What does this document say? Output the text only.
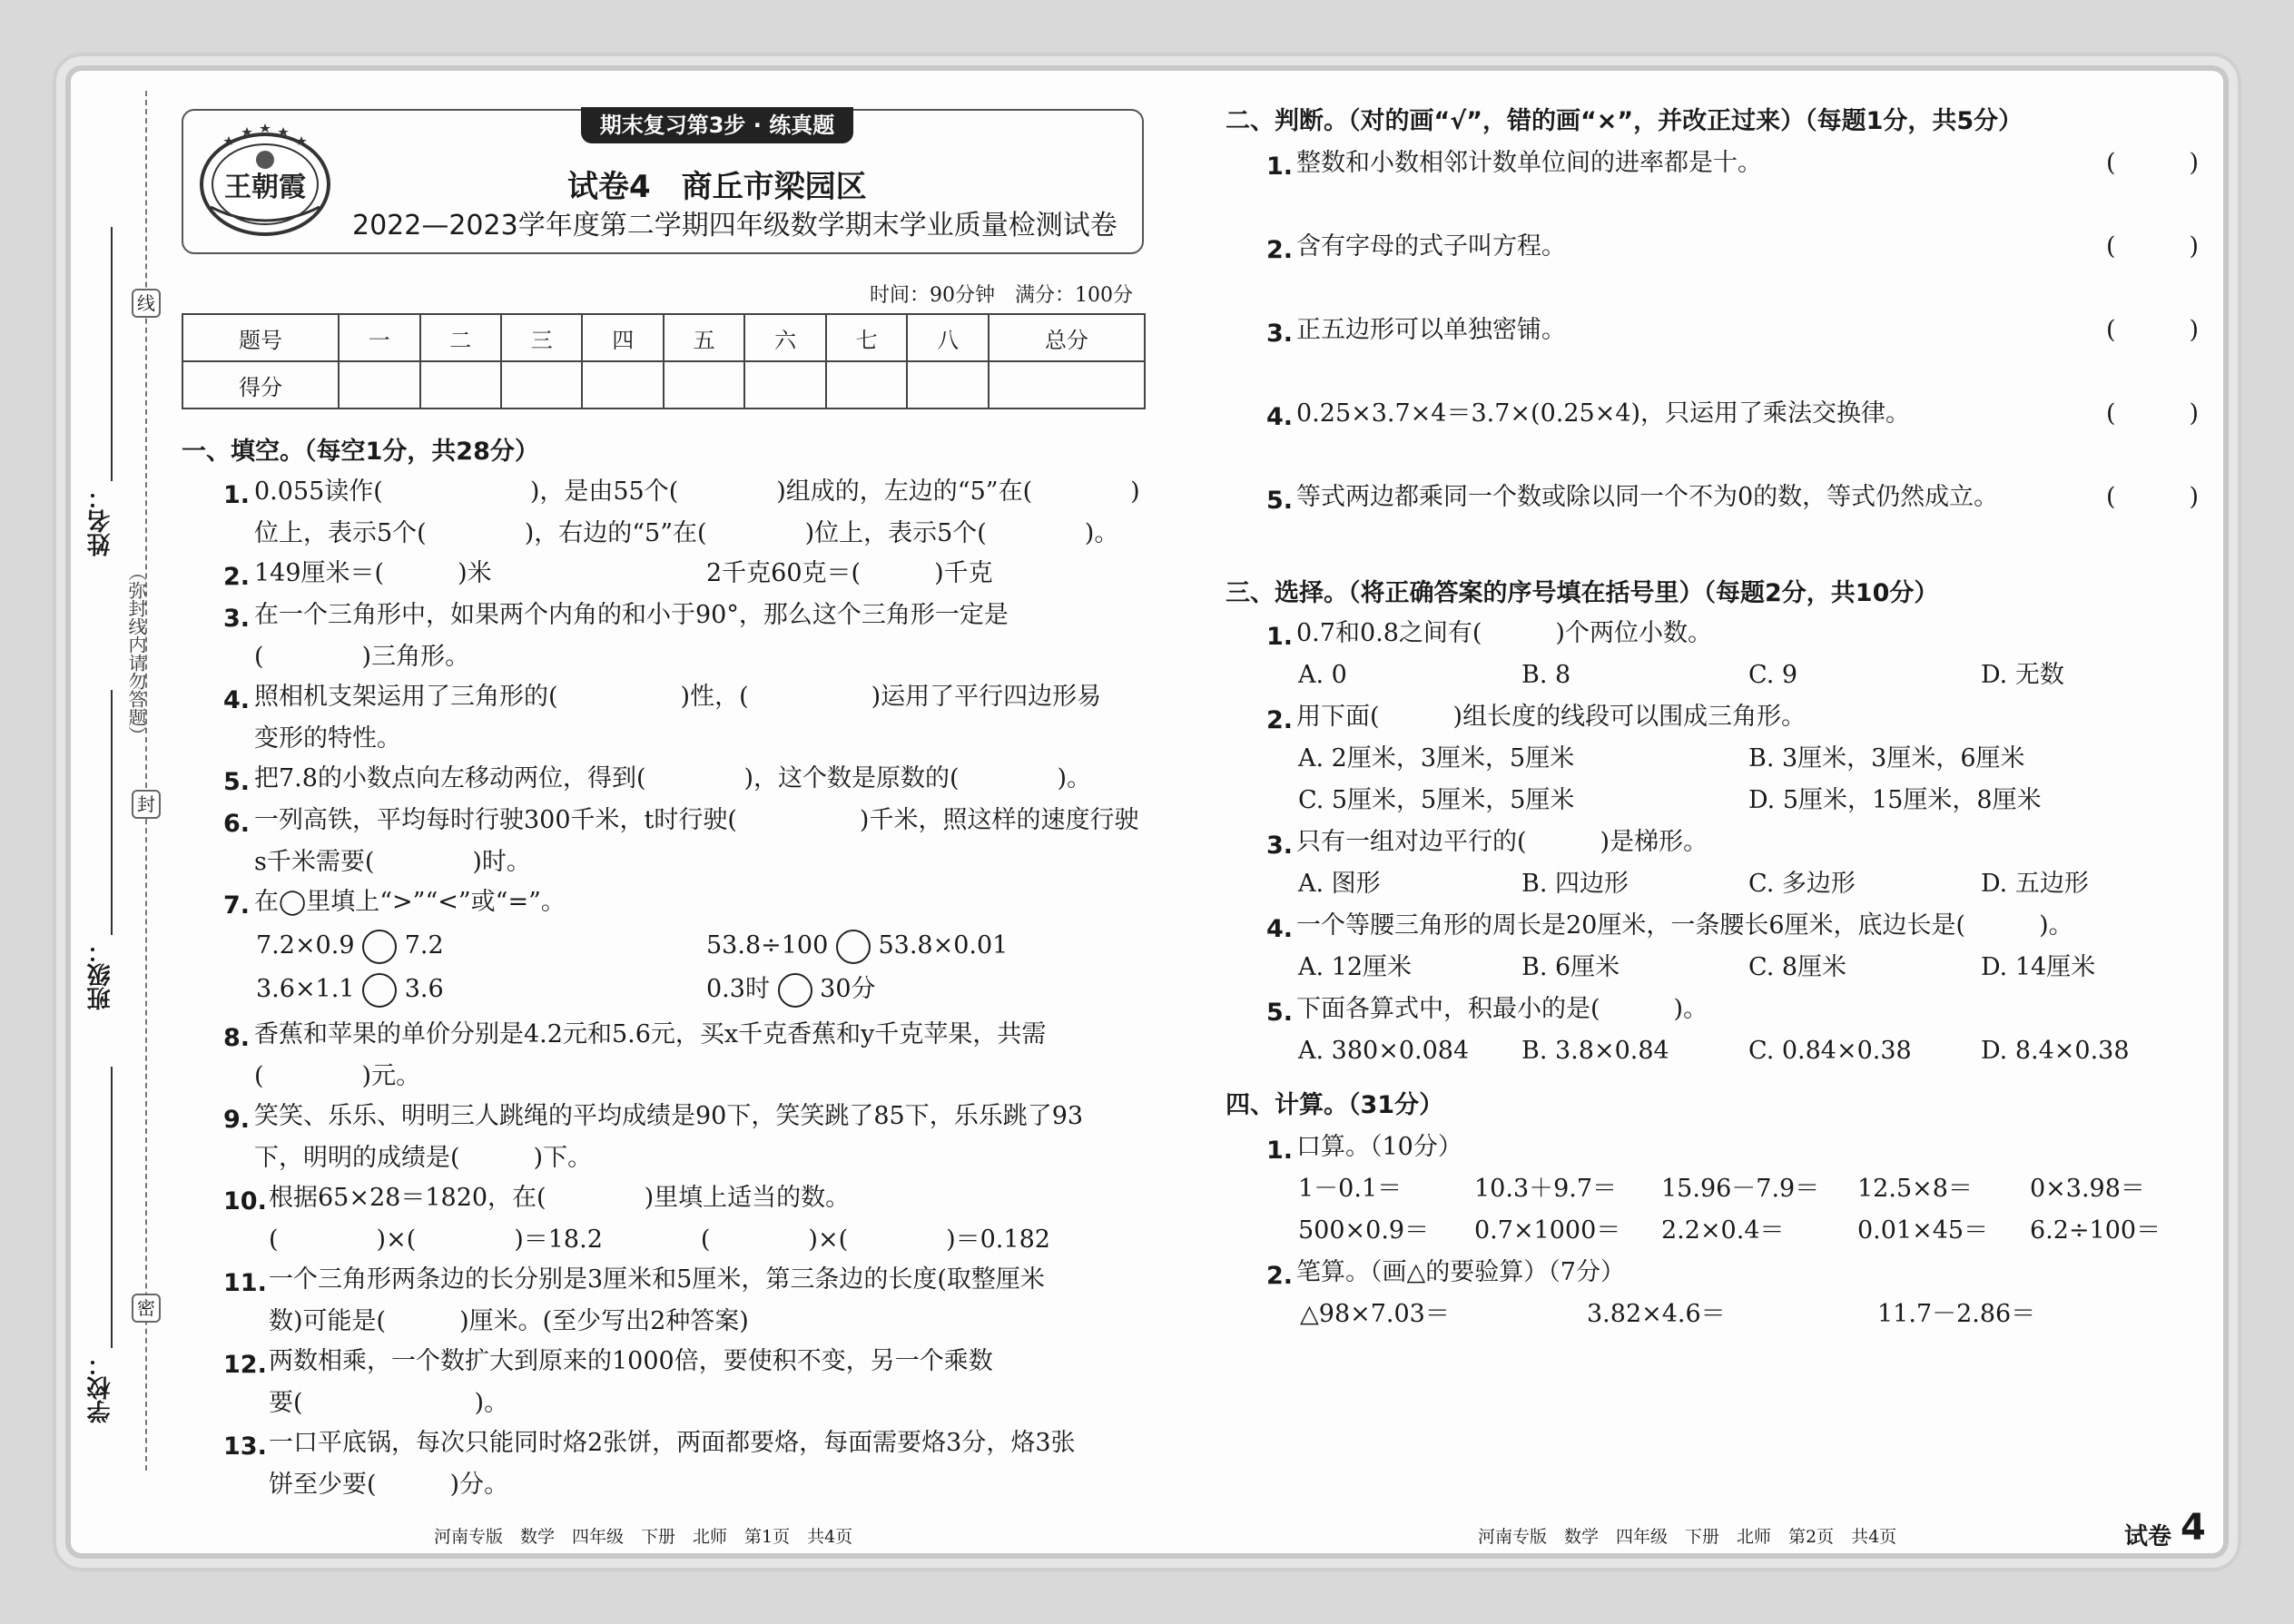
线
封
密
（弥封线内请勿答题）
姓名：
班级：
学校：
王朝霞
期末复习第3步 · 练真题
试卷4　商丘市梁园区
2022—2023学年度第二学期四年级数学期末学业质量检测试卷
时间：90分钟　满分：100分
题号	一	二	三	四	五	六	七	八	总分
得分									
一、填空。（每空1分，共28分）
1. 0.055读作(　　　　　　)，是由55个(　　　　)组成的，左边的“5”在(　　　　)
位上，表示5个(　　　　)，右边的“5”在(　　　　)位上，表示5个(　　　　)。
2. 149厘米＝(　　　)米	2千克60克＝(　　　)千克
3. 在一个三角形中，如果两个内角的和小于90°，那么这个三角形一定是
(　　　　)三角形。
4. 照相机支架运用了三角形的(　　　　　)性，(　　　　　)运用了平行四边形易
变形的特性。
5. 把7.8的小数点向左移动两位，得到(　　　　)，这个数是原数的(　　　　)。
6. 一列高铁，平均每时行驶300千米，t时行驶(　　　　　)千米，照这样的速度行驶
s千米需要(　　　　)时。
7. 在◯里填上“>”“<”或“=”。
7.2×0.9 7.2	53.8÷100 53.8×0.01
3.6×1.1 3.6	0.3时 30分
8. 香蕉和苹果的单价分别是4.2元和5.6元，买x千克香蕉和y千克苹果，共需
(　　　　)元。
9. 笑笑、乐乐、明明三人跳绳的平均成绩是90下，笑笑跳了85下，乐乐跳了93
下，明明的成绩是(　　　)下。
10. 根据65×28＝1820，在(　　　　)里填上适当的数。
(　　　　)×(　　　　)＝18.2　　　　(　　　　)×(　　　　)＝0.182
11. 一个三角形两条边的长分别是3厘米和5厘米，第三条边的长度(取整厘米
数)可能是(　　　)厘米。(至少写出2种答案)
12. 两数相乘，一个数扩大到原来的1000倍，要使积不变，另一个乘数
要(　　　　　　　)。
13. 一口平底锅，每次只能同时烙2张饼，两面都要烙，每面需要烙3分，烙3张
饼至少要(　　　)分。
二、判断。（对的画“√”，错的画“×”，并改正过来）（每题1分，共5分）
1. 整数和小数相邻计数单位间的进率都是十。	(　　　)
2. 含有字母的式子叫方程。	(　　　)
3. 正五边形可以单独密铺。	(　　　)
4. 0.25×3.7×4＝3.7×(0.25×4)，只运用了乘法交换律。	(　　　)
5. 等式两边都乘同一个数或除以同一个不为0的数，等式仍然成立。	(　　　)
三、选择。（将正确答案的序号填在括号里）（每题2分，共10分）
1. 0.7和0.8之间有(　　　)个两位小数。
A. 0	B. 8	C. 9	D. 无数
2. 用下面(　　　)组长度的线段可以围成三角形。
A. 2厘米，3厘米，5厘米	B. 3厘米，3厘米，6厘米
C. 5厘米，5厘米，5厘米	D. 5厘米，15厘米，8厘米
3. 只有一组对边平行的(　　　)是梯形。
A. 图形	B. 四边形	C. 多边形	D. 五边形
4. 一个等腰三角形的周长是20厘米，一条腰长6厘米，底边长是(　　　)。
A. 12厘米	B. 6厘米	C. 8厘米	D. 14厘米
5. 下面各算式中，积最小的是(　　　)。
A. 380×0.084 B. 3.8×0.84	C. 0.84×0.38	D. 8.4×0.38
四、计算。（31分）
1. 口算。（10分）
1－0.1＝	10.3＋9.7＝ 15.96－7.9＝ 12.5×8＝ 0×3.98＝
500×0.9＝ 0.7×1000＝ 2.2×0.4＝	0.01×45＝ 6.2÷100＝
2. 笔算。（画△的要验算）（7分）
△98×7.03＝	3.82×4.6＝	11.7－2.86＝
河南专版　数学　四年级　下册　北师　第1页　共4页	河南专版　数学　四年级　下册　北师　第2页　共4页	试卷 4
